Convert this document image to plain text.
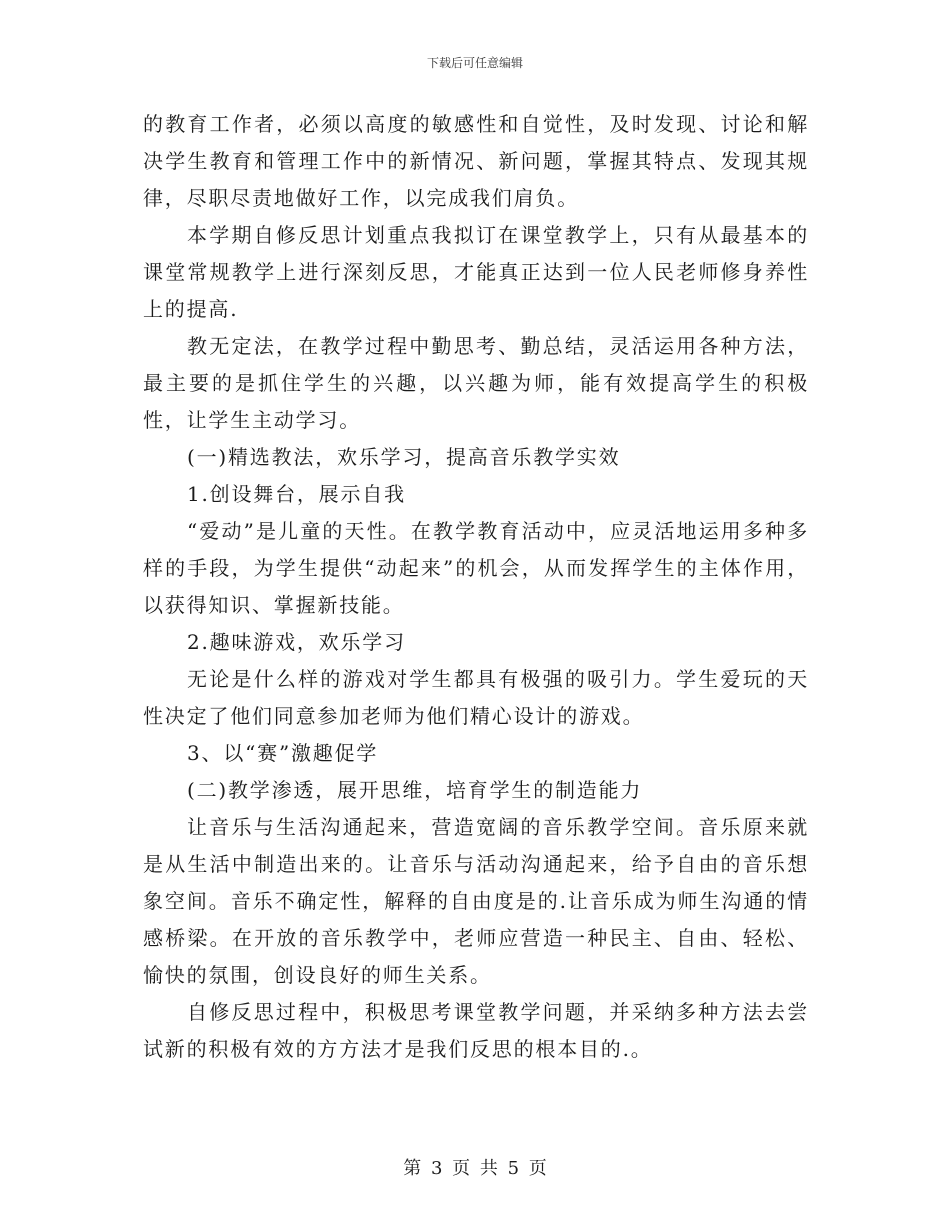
下载后可任意编辑

的教育工作者，必须以高度的敏感性和自觉性，及时发现、讨论和解决学生教育和管理工作中的新情况、新问题，掌握其特点、发现其规律，尽职尽责地做好工作，以完成我们肩负。

本学期自修反思计划重点我拟订在课堂教学上，只有从最基本的课堂常规教学上进行深刻反思，才能真正达到一位人民老师修身养性上的提高.

教无定法，在教学过程中勤思考、勤总结，灵活运用各种方法，最主要的是抓住学生的兴趣，以兴趣为师，能有效提高学生的积极性，让学生主动学习。

(一)精选教法，欢乐学习，提高音乐教学实效

1.创设舞台，展示自我

“爱动”是儿童的天性。在教学教育活动中，应灵活地运用多种多样的手段，为学生提供“动起来”的机会，从而发挥学生的主体作用，以获得知识、掌握新技能。

2.趣味游戏，欢乐学习

无论是什么样的游戏对学生都具有极强的吸引力。学生爱玩的天性决定了他们同意参加老师为他们精心设计的游戏。

3、以“赛”激趣促学

(二)教学渗透，展开思维，培育学生的制造能力

让音乐与生活沟通起来，营造宽阔的音乐教学空间。音乐原来就是从生活中制造出来的。让音乐与活动沟通起来，给予自由的音乐想象空间。音乐不确定性，解释的自由度是的.让音乐成为师生沟通的情感桥梁。在开放的音乐教学中，老师应营造一种民主、自由、轻松、愉快的氛围，创设良好的师生关系。

自修反思过程中，积极思考课堂教学问题，并采纳多种方法去尝试新的积极有效的方方法才是我们反思的根本目的.。

第 3 页 共 5 页
